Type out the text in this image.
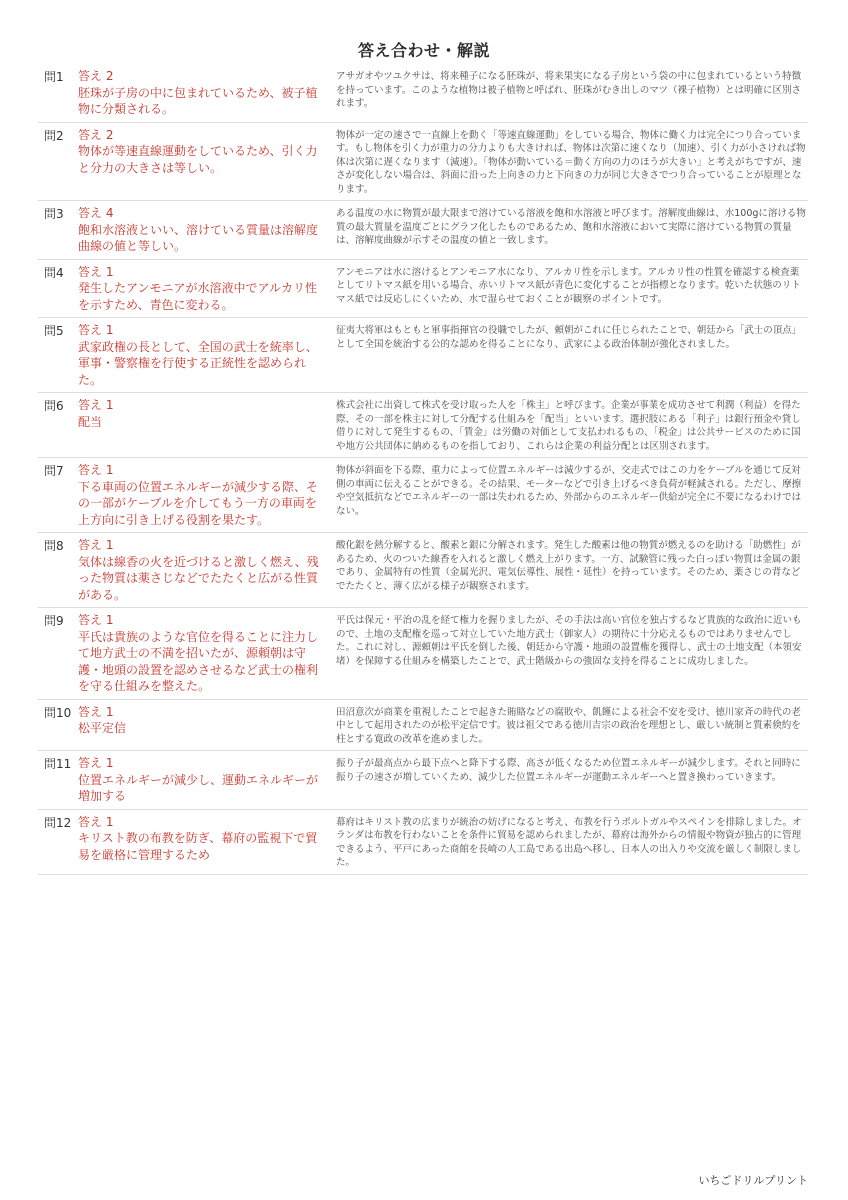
答え合わせ・解説
問1	答え 2
胚珠が子房の中に包まれているため、被子植物に分類される。
アサガオやツユクサは、将来種子になる胚珠が、将来果実になる子房という袋の中に包まれているという特徴を持っています。このような植物は被子植物と呼ばれ、胚珠がむき出しのマツ（裸子植物）とは明確に区別されます。
問2	答え 2
物体が等速直線運動をしているため、引く力と分力の大きさは等しい。
物体が一定の速さで一直線上を動く「等速直線運動」をしている場合、物体に働く力は完全につり合っています。もし物体を引く力が重力の分力よりも大きければ、物体は次第に速くなり（加速）、引く力が小さければ物体は次第に遅くなります（減速）。「物体が動いている＝動く方向の力のほうが大きい」と考えがちですが、速さが変化しない場合は、斜面に沿った上向きの力と下向きの力が同じ大きさでつり合っていることが原理となります。
問3	答え 4
飽和水溶液といい、溶けている質量は溶解度曲線の値と等しい。
ある温度の水に物質が最大限まで溶けている溶液を飽和水溶液と呼びます。溶解度曲線は、水100gに溶ける物質の最大質量を温度ごとにグラフ化したものであるため、飽和水溶液において実際に溶けている物質の質量は、溶解度曲線が示すその温度の値と一致します。
問4	答え 1
発生したアンモニアが水溶液中でアルカリ性を示すため、青色に変わる。
アンモニアは水に溶けるとアンモニア水になり、アルカリ性を示します。アルカリ性の性質を確認する検査薬としてリトマス紙を用いる場合、赤いリトマス紙が青色に変化することが指標となります。乾いた状態のリトマス紙では反応しにくいため、水で湿らせておくことが観察のポイントです。
問5	答え 1
武家政権の長として、全国の武士を統率し、軍事・警察権を行使する正統性を認められた。
征夷大将軍はもともと軍事指揮官の役職でしたが、頼朝がこれに任じられたことで、朝廷から「武士の頂点」として全国を統治する公的な認めを得ることになり、武家による政治体制が強化されました。
問6	答え 1
配当
株式会社に出資して株式を受け取った人を「株主」と呼びます。企業が事業を成功させて利潤（利益）を得た際、その一部を株主に対して分配する仕組みを「配当」といいます。選択肢にある「利子」は銀行預金や貸し借りに対して発生するもの、「賃金」は労働の対価として支払われるもの、「税金」は公共サービスのために国や地方公共団体に納めるものを指しており、これらは企業の利益分配とは区別されます。
問7	答え 1
下る車両の位置エネルギーが減少する際、その一部がケーブルを介してもう一方の車両を上方向に引き上げる役割を果たす。
物体が斜面を下る際、重力によって位置エネルギーは減少するが、交走式ではこの力をケーブルを通じて反対側の車両に伝えることができる。その結果、モーターなどで引き上げるべき負荷が軽減される。ただし、摩擦や空気抵抗などでエネルギーの一部は失われるため、外部からのエネルギー供給が完全に不要になるわけではない。
問8	答え 1
気体は線香の火を近づけると激しく燃え、残った物質は薬さじなどでたたくと広がる性質がある。
酸化銀を熱分解すると、酸素と銀に分解されます。発生した酸素は他の物質が燃えるのを助ける「助燃性」があるため、火のついた線香を入れると激しく燃え上がります。一方、試験管に残った白っぽい物質は金属の銀であり、金属特有の性質（金属光沢、電気伝導性、展性・延性）を持っています。そのため、薬さじの背などでたたくと、薄く広がる様子が観察されます。
問9	答え 1
平氏は貴族のような官位を得ることに注力して地方武士の不満を招いたが、源頼朝は守護・地頭の設置を認めさせるなど武士の権利を守る仕組みを整えた。
平氏は保元・平治の乱を経て権力を握りましたが、その手法は高い官位を独占するなど貴族的な政治に近いもので、土地の支配権を巡って対立していた地方武士（御家人）の期待に十分応えるものではありませんでした。これに対し、源頼朝は平氏を倒した後、朝廷から守護・地頭の設置権を獲得し、武士の土地支配（本領安堵）を保障する仕組みを構築したことで、武士階級からの強固な支持を得ることに成功しました。
問10 答え 1
松平定信
田沼意次が商業を重視したことで起きた賄賂などの腐敗や、飢饉による社会不安を受け、徳川家斉の時代の老中として起用されたのが松平定信です。彼は祖父である徳川吉宗の政治を理想とし、厳しい統制と質素倹約を柱とする寛政の改革を進めました。
問11 答え 1
位置エネルギーが減少し、運動エネルギーが増加する
振り子が最高点から最下点へと降下する際、高さが低くなるため位置エネルギーが減少します。それと同時に振り子の速さが増していくため、減少した位置エネルギーが運動エネルギーへと置き換わっていきます。
問12 答え 1
キリスト教の布教を防ぎ、幕府の監視下で貿易を厳格に管理するため
幕府はキリスト教の広まりが統治の妨げになると考え、布教を行うポルトガルやスペインを排除しました。オランダは布教を行わないことを条件に貿易を認められましたが、幕府は海外からの情報や物資が独占的に管理できるよう、平戸にあった商館を長崎の人工島である出島へ移し、日本人の出入りや交流を厳しく制限しました。
いちごドリルプリント
